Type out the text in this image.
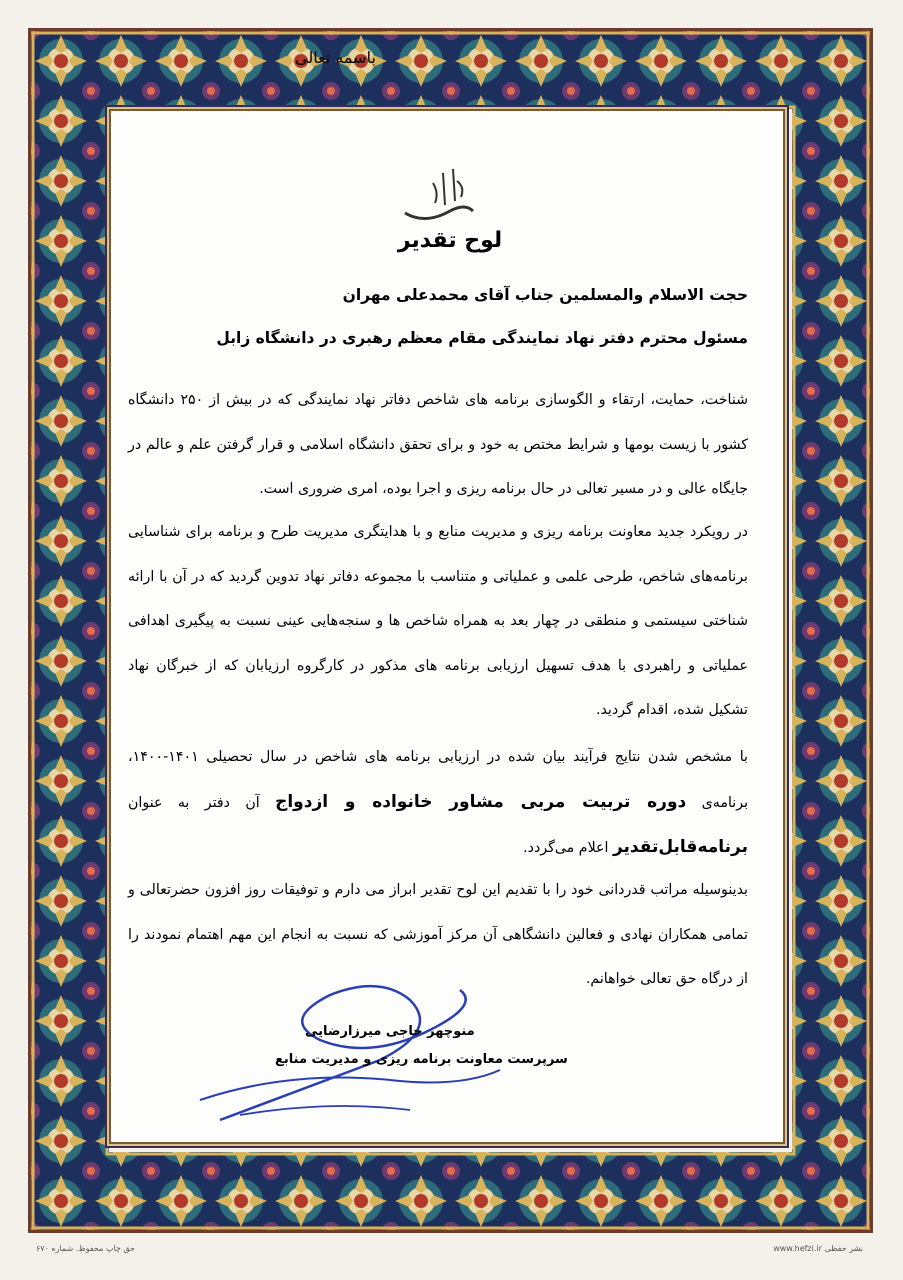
باسمه تعالی
لوح تقدیر
حجت الاسلام والمسلمین جناب آقای محمدعلی مهران
مسئول محترم دفتر نهاد نمایندگی مقام معظم رهبری در دانشگاه زابل
شناخت، حمایت، ارتقاء و الگوسازی برنامه های شاخص دفاتر نهاد نمایندگی که در بیش از ۲۵۰ دانشگاه کشور با زیست بومها و شرایط مختص به خود و برای تحقق دانشگاه اسلامی و قرار گرفتن علم و عالم در جایگاه عالی و در مسیر تعالی در حال برنامه ریزی و اجرا بوده، امری ضروری است.
در رویکرد جدید معاونت برنامه ریزی و مدیریت منابع و با هدایتگری مدیریت طرح و برنامه برای شناسایی برنامه‌های شاخص، طرحی علمی و عملیاتی و متناسب با مجموعه دفاتر نهاد تدوین گردید که در آن با ارائه شناختی سیستمی و منطقی در چهار بعد به همراه شاخص ها و سنجه‌هایی عینی نسبت به پیگیری اهدافی عملیاتی و راهبردی با هدف تسهیل ارزیابی برنامه های مذکور در کارگروه ارزیابان که از خبرگان نهاد تشکیل شده، اقدام گردید.
با مشخص شدن نتایج فرآیند بیان شده در ارزیابی برنامه های شاخص در سال تحصیلی ۱۴۰۱-۱۴۰۰، برنامه‌ی دوره تربیت مربی مشاور خانواده و ازدواج آن دفتر به عنوان برنامه‌قابل‌تقدیر اعلام می‌گردد.
بدینوسیله مراتب قدردانی خود را با تقدیم این لوح تقدیر ابراز می دارم و توفیقات روز افزون حضرتعالی و تمامی همکاران نهادی و فعالین دانشگاهی آن مرکز آموزشی که نسبت به انجام این مهم اهتمام نمودند را از درگاه حق تعالی خواهانم.
منوچهر حاجی میرزارضایی
سرپرست معاونت برنامه ریزی و مدیریت منابع
حق چاپ محفوظ. شماره ۶۷۰	www.hefzi.ir نشر حفظی
